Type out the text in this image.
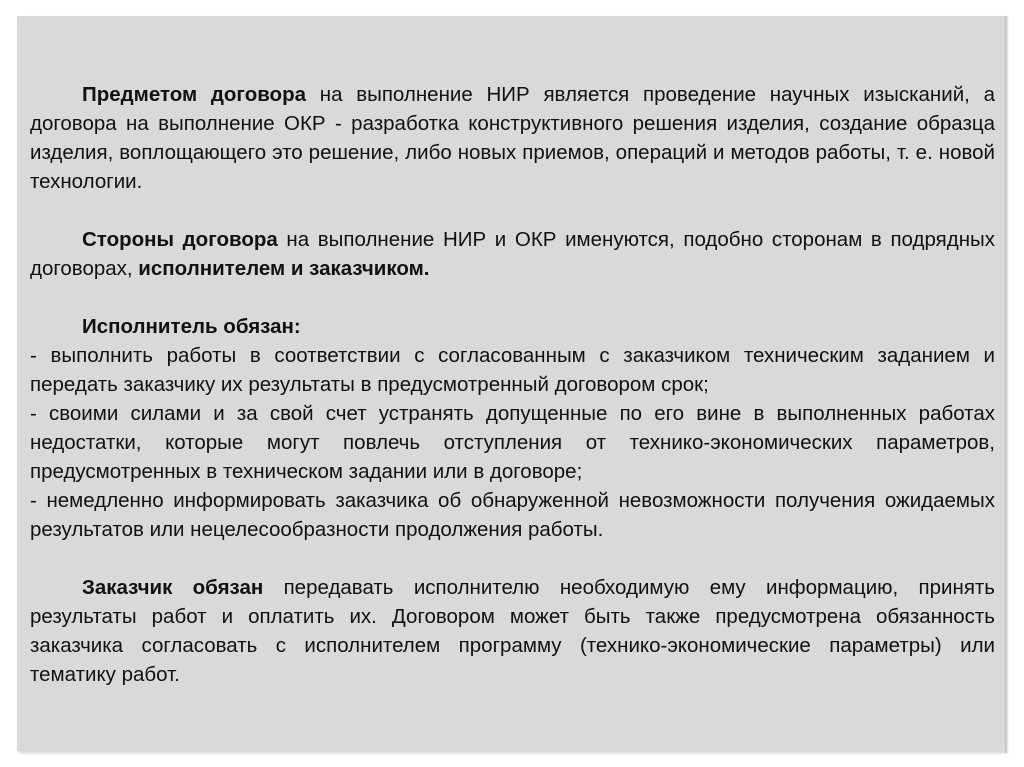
Предметом договора на выполнение НИР является проведение научных изысканий, а договора на выполнение ОКР - разработка конструктивного решения изделия, создание образца изделия, воплощающего это решение, либо новых приемов, операций и методов работы, т. е. новой технологии.

Стороны договора на выполнение НИР и ОКР именуются, подобно сторонам в подрядных договорах, исполнителем и заказчиком.

Исполнитель обязан:

- выполнить работы в соответствии с согласованным с заказчиком техническим заданием и передать заказчику их результаты в предусмотренный договором срок;

- своими силами и за свой счет устранять допущенные по его вине в выполненных работах недостатки, которые могут повлечь отступления от технико-экономических параметров, предусмотренных в техническом задании или в договоре;

- немедленно информировать заказчика об обнаруженной невозможности получения ожидаемых результатов или нецелесообразности продолжения работы.

Заказчик обязан передавать исполнителю необходимую ему информацию, принять результаты работ и оплатить их. Договором может быть также предусмотрена обязанность заказчика согласовать с исполнителем программу (технико-экономические параметры) или тематику работ.
